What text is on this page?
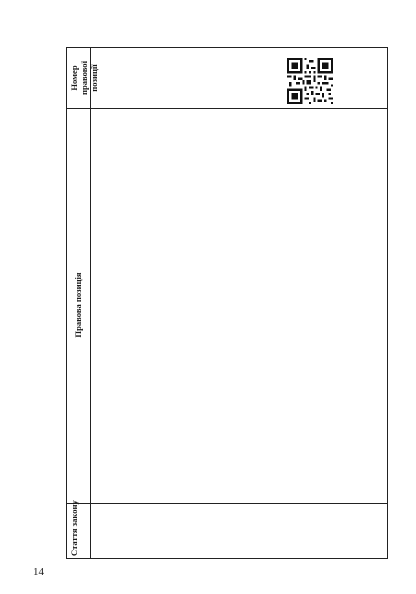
Стаття закону
Правова позиція
Номер правової позиції
14
